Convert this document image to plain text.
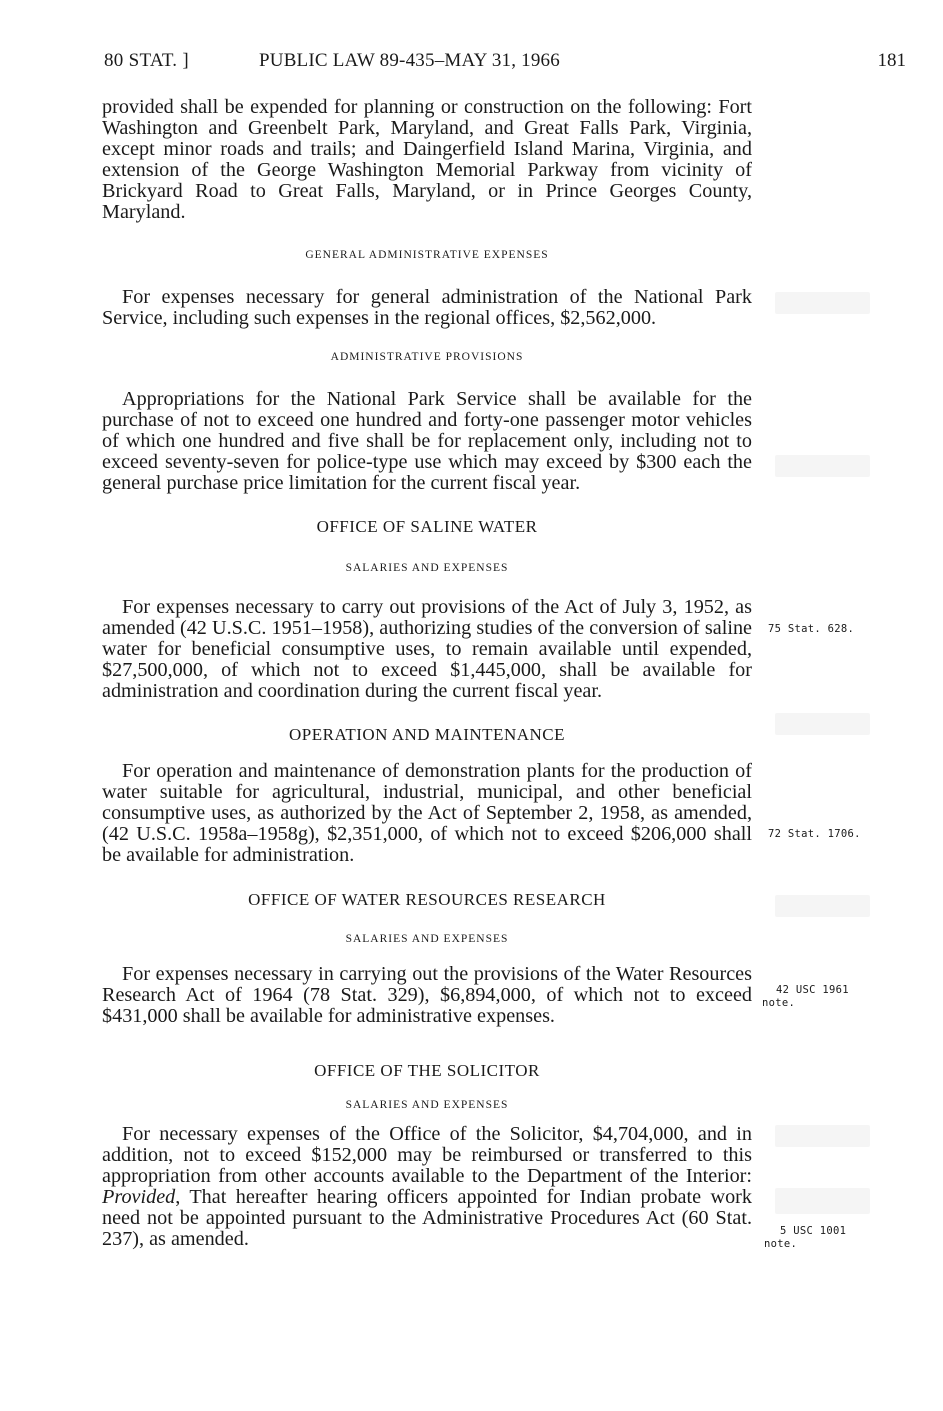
80 STAT. ]	PUBLIC LAW 89-435–MAY 31, 1966	181

provided shall be expended for planning or construction on the following: Fort Washington and Greenbelt Park, Maryland, and Great Falls Park, Virginia, except minor roads and trails; and Daingerfield Island Marina, Virginia, and extension of the George Washington Memorial Parkway from vicinity of Brickyard Road to Great Falls, Maryland, or in Prince Georges County, Maryland.

GENERAL ADMINISTRATIVE EXPENSES

For expenses necessary for general administration of the National Park Service, including such expenses in the regional offices, $2,562,000.

ADMINISTRATIVE PROVISIONS

Appropriations for the National Park Service shall be available for the purchase of not to exceed one hundred and forty-one passenger motor vehicles of which one hundred and five shall be for replacement only, including not to exceed seventy-seven for police-type use which may exceed by $300 each the general purchase price limitation for the current fiscal year.

OFFICE OF SALINE WATER
SALARIES AND EXPENSES

For expenses necessary to carry out provisions of the Act of July 3, 1952, as amended (42 U.S.C. 1951–1958), authorizing studies of the conversion of saline water for beneficial consumptive uses, to remain available until expended, $27,500,000, of which not to exceed $1,445,000, shall be available for administration and coordination during the current fiscal year.

OPERATION AND MAINTENANCE

For operation and maintenance of demonstration plants for the production of water suitable for agricultural, industrial, municipal, and other beneficial consumptive uses, as authorized by the Act of September 2, 1958, as amended, (42 U.S.C. 1958a–1958g), $2,351,000, of which not to exceed $206,000 shall be available for administration.

OFFICE OF WATER RESOURCES RESEARCH
SALARIES AND EXPENSES

For expenses necessary in carrying out the provisions of the Water Resources Research Act of 1964 (78 Stat. 329), $6,894,000, of which not to exceed $431,000 shall be available for administrative expenses.

OFFICE OF THE SOLICITOR
SALARIES AND EXPENSES

For necessary expenses of the Office of the Solicitor, $4,704,000, and in addition, not to exceed $152,000 may be reimbursed or transferred to this appropriation from other accounts available to the Department of the Interior: Provided, That hereafter hearing officers appointed for Indian probate work need not be appointed pursuant to the Administrative Procedures Act (60 Stat. 237), as amended.

75 Stat. 628.
72 Stat. 1706.
42 USC 1961
note.
5 USC 1001
note.
